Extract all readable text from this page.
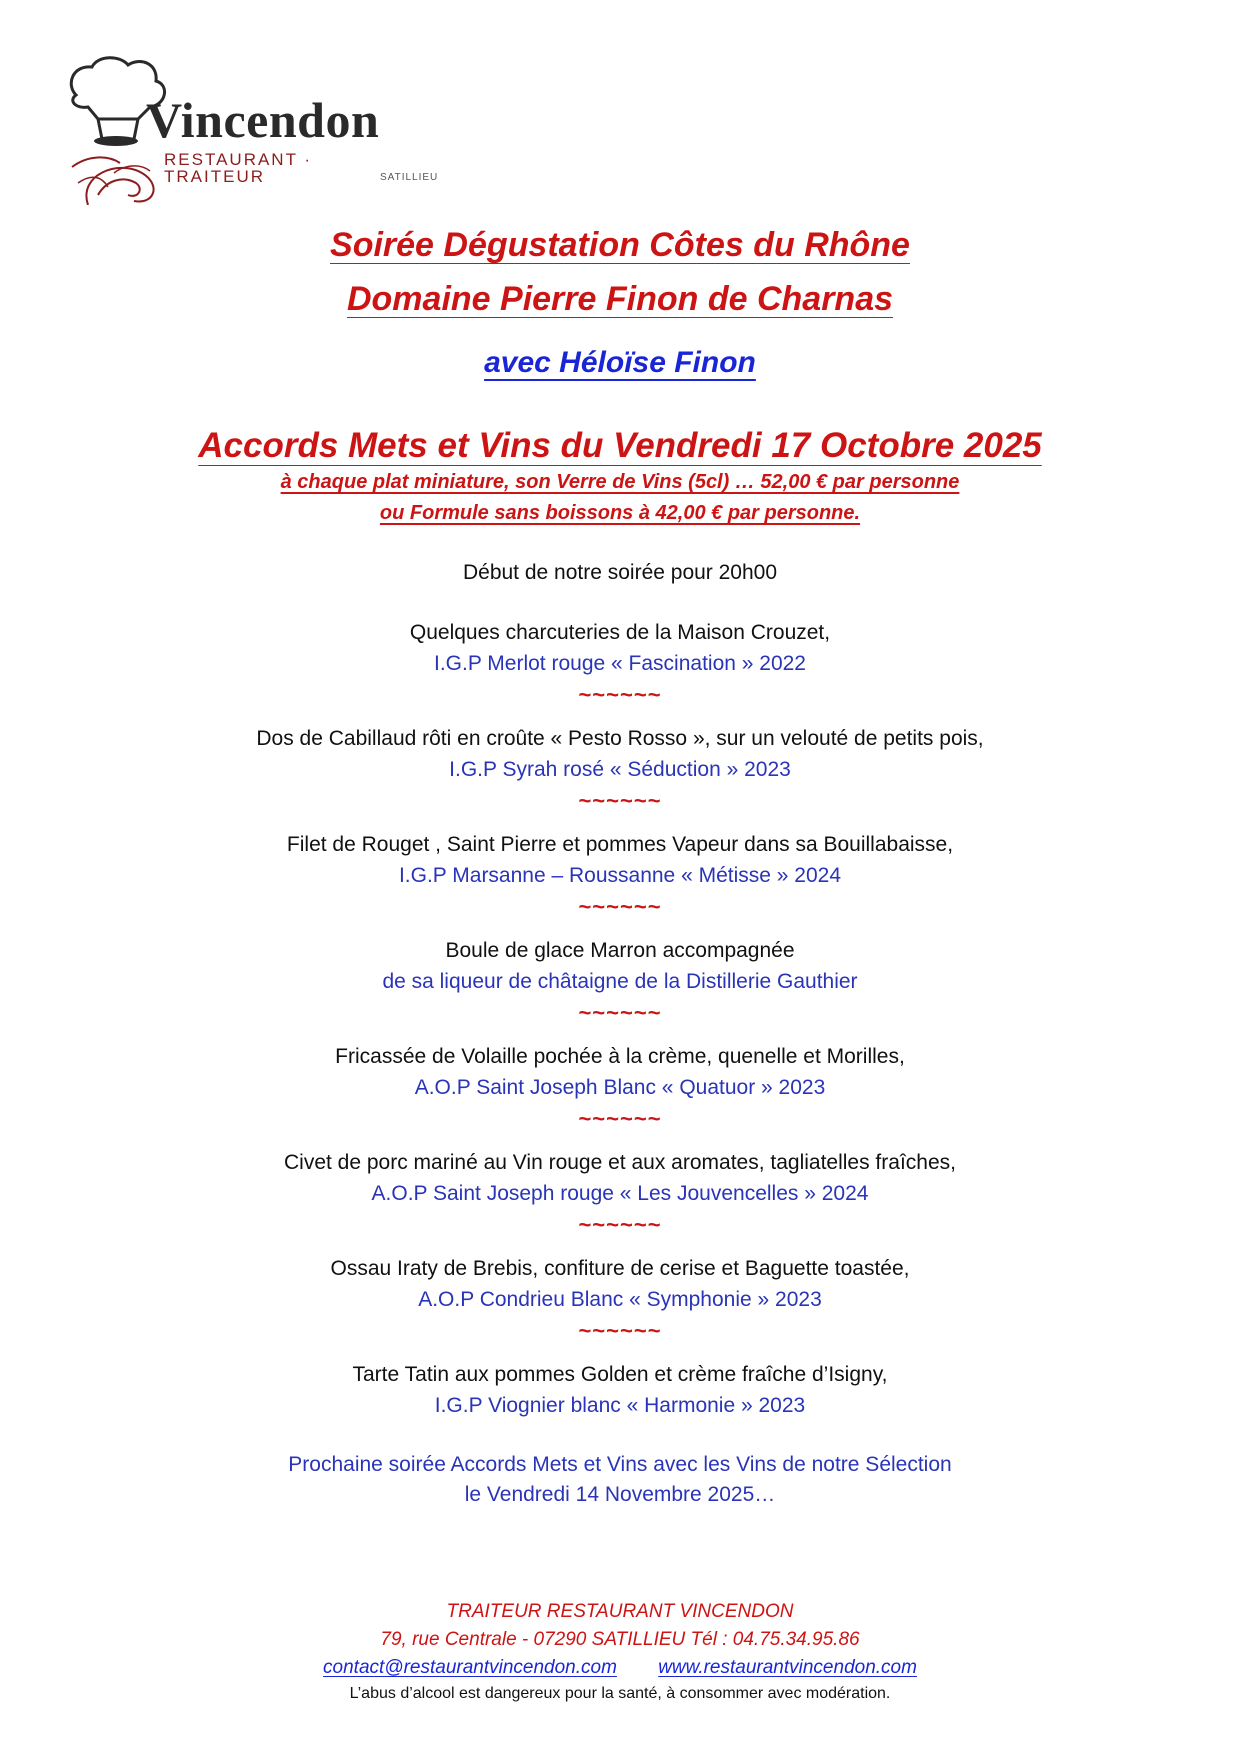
Vincendon
RESTAURANT · TRAITEUR	SATILLIEU
Soirée Dégustation Côtes du Rhône
Domaine Pierre Finon de Charnas
avec Héloïse Finon
Accords Mets et Vins du Vendredi 17 Octobre 2025
à chaque plat miniature, son Verre de Vins (5cl) … 52,00 € par personne
ou Formule sans boissons à 42,00 € par personne.
Début de notre soirée pour 20h00
Quelques charcuteries de la Maison Crouzet,
I.G.P Merlot rouge « Fascination » 2022
~~~~~~
Dos de Cabillaud rôti en croûte « Pesto Rosso », sur un velouté de petits pois,
I.G.P Syrah rosé « Séduction » 2023
~~~~~~
Filet de Rouget , Saint Pierre et pommes Vapeur dans sa Bouillabaisse,
I.G.P Marsanne – Roussanne « Métisse » 2024
~~~~~~
Boule de glace Marron accompagnée
de sa liqueur de châtaigne de la Distillerie Gauthier
~~~~~~
Fricassée de Volaille pochée à la crème, quenelle et Morilles,
A.O.P Saint Joseph Blanc « Quatuor » 2023
~~~~~~
Civet de porc mariné au Vin rouge et aux aromates, tagliatelles fraîches,
A.O.P Saint Joseph rouge « Les Jouvencelles » 2024
~~~~~~
Ossau Iraty de Brebis, confiture de cerise et Baguette toastée,
A.O.P Condrieu Blanc « Symphonie » 2023
~~~~~~
Tarte Tatin aux pommes Golden et crème fraîche d’Isigny,
I.G.P Viognier blanc « Harmonie » 2023
Prochaine soirée Accords Mets et Vins avec les Vins de notre Sélection
le Vendredi 14 Novembre 2025…
TRAITEUR RESTAURANT VINCENDON
79, rue Centrale - 07290 SATILLIEU Tél : 04.75.34.95.86
contact@restaurantvincendon.com www.restaurantvincendon.com
L’abus d’alcool est dangereux pour la santé, à consommer avec modération.
